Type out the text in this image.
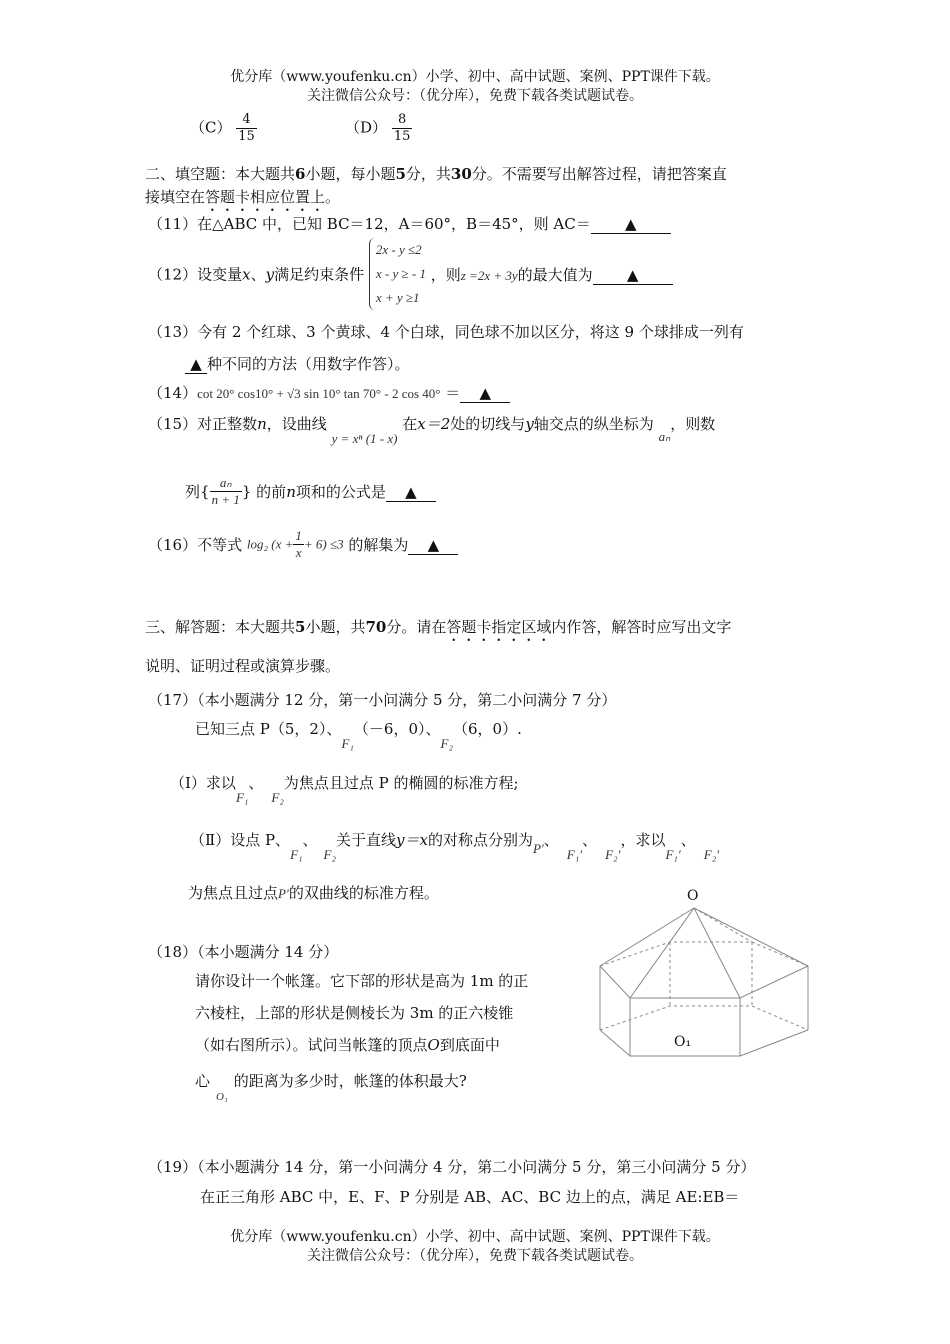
优分库（www.youfenku.cn）小学、初中、高中试题、案例、PPT课件下载。
关注微信公众号：（优分库），免费下载各类试题试卷。
$(C) \frac{4}{15}$	$(D) \frac{8}{15}$
二、填空题：本大题共6小题，每小题5分，共30分。不需要写出解答过程，请把答案直
接填空在答题卡相应位置上。
（11）在△ABC 中，已知 BC＝12，A＝60°，B＝45°，则 AC＝ ▲
（12）设变量x、y满足约束条件
2x - y ≤2
x - y ≥ - 1
x + y ≥1
，则z =2x + 3y的最大值为 ▲
（13）今有 2 个红球、3 个黄球、4 个白球，同色球不加以区分，将这 9 个球排成一列有
▲ 种不同的方法（用数字作答）。
（14）cot 20° cos10° + √3 sin 10° tan 70° - 2 cos 40° ＝ ▲
（15）对正整数n，设曲线 y = xⁿ (1 - x) 在x＝2处的切线与y轴交点的纵坐标为 aₙ，则数
列{ $\frac{\text{aₙ}}{n + 1}$ } 的前n项和的公式是 ▲
（16）不等式 log₂ $(x + \frac{1}{x} + 6) \le 3$ 的解集为 ▲
三、解答题：本大题共5小题，共70分。请在答题卡指定区域内作答，解答时应写出文字
说明、证明过程或演算步骤。
（17）（本小题满分 12 分，第一小问满分 5 分，第二小问满分 7 分）
已知三点 P（5，2）、F₁（－6，0）、F₂（6，0）.
（Ⅰ）求以F₁、F₂为焦点且过点 P 的椭圆的标准方程;
（Ⅱ）设点 P、F₁、F₂关于直线y＝x的对称点分别为P′、F₁′、F₂′，求以F₁′、F₂′
为焦点且过点P′的双曲线的标准方程。
（18）（本小题满分 14 分）
请你设计一个帐篷。它下部的形状是高为 1m 的正
六棱柱，上部的形状是侧棱长为 3m 的正六棱锥
（如右图所示）。试问当帐篷的顶点O到底面中
心$_{O_1}$的距离为多少时，帐篷的体积最大?
O
O₁
（19）（本小题满分 14 分，第一小问满分 4 分，第二小问满分 5 分，第三小问满分 5 分）
在正三角形 ABC 中，E、F、P 分别是 AB、AC、BC 边上的点，满足 AE:EB＝
优分库（www.youfenku.cn）小学、初中、高中试题、案例、PPT课件下载。
关注微信公众号：（优分库），免费下载各类试题试卷。
